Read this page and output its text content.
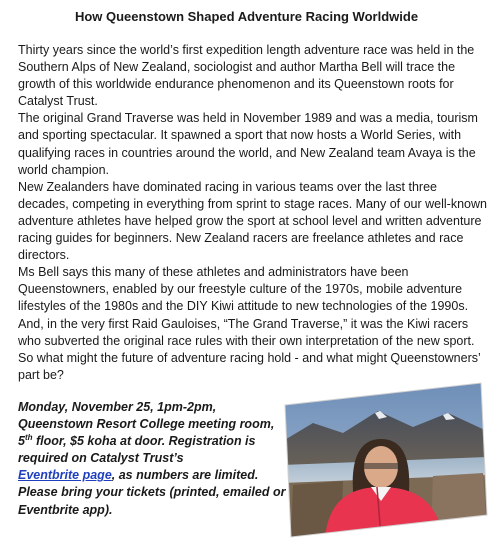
How Queenstown Shaped Adventure Racing Worldwide

Thirty years since the world’s first expedition length adventure race was held in the Southern Alps of New Zealand, sociologist and author Martha Bell will trace the growth of this worldwide endurance phenomenon and its Queenstown roots for Catalyst Trust.

The original Grand Traverse was held in November 1989 and was a media, tourism and sporting spectacular. It spawned a sport that now hosts a World Series, with qualifying races in countries around the world, and New Zealand team Avaya is the world champion.

New Zealanders have dominated racing in various teams over the last three decades, competing in everything from sprint to stage races. Many of our well-known adventure athletes have helped grow the sport at school level and written adventure racing guides for beginners. New Zealand racers are freelance athletes and race directors.

Ms Bell says this many of these athletes and administrators have been Queenstowners, enabled by our freestyle culture of the 1970s, mobile adventure lifestyles of the 1980s and the DIY Kiwi attitude to new technologies of the 1990s.

And, in the very first Raid Gauloises, “The Grand Traverse,” it was the Kiwi racers who subverted the original race rules with their own interpretation of the new sport. So what might the future of adventure racing hold - and what might Queenstowners’ part be?

Monday, November 25, 1pm-2pm,

Queenstown Resort College meeting room,

5th floor, $5 koha at door. Registration is

required on Catalyst Trust’s

Eventbrite page, as numbers are limited.

Please bring your tickets (printed, emailed or

Eventbrite app).
